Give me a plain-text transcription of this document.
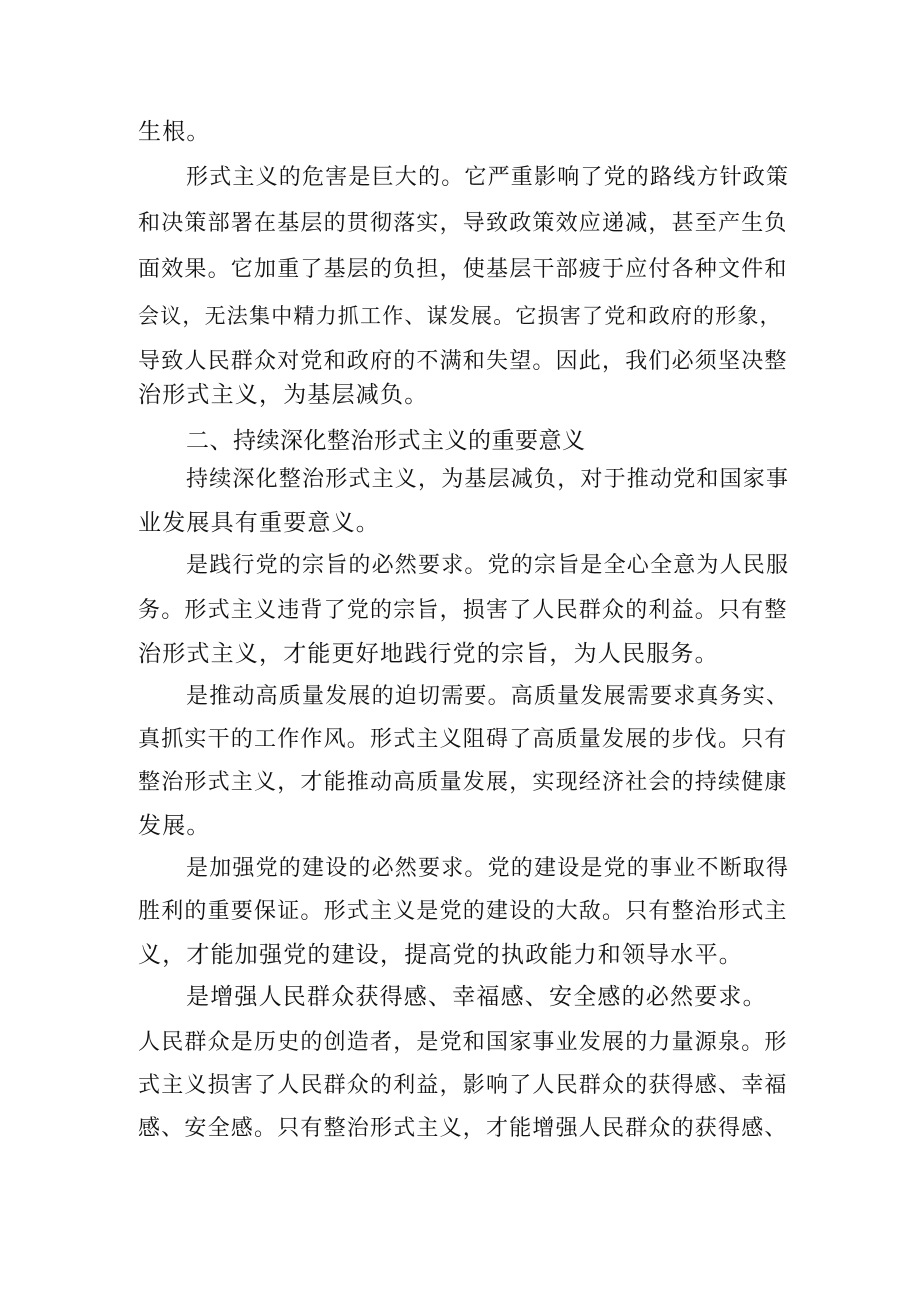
生根。
形式主义的危害是巨大的。它严重影响了党的路线方针政策
和决策部署在基层的贯彻落实，导致政策效应递减，甚至产生负
面效果。它加重了基层的负担，使基层干部疲于应付各种文件和
会议，无法集中精力抓工作、谋发展。它损害了党和政府的形象，
导致人民群众对党和政府的不满和失望。因此，我们必须坚决整
治形式主义，为基层减负。
二、持续深化整治形式主义的重要意义
持续深化整治形式主义，为基层减负，对于推动党和国家事
业发展具有重要意义。
是践行党的宗旨的必然要求。党的宗旨是全心全意为人民服
务。形式主义违背了党的宗旨，损害了人民群众的利益。只有整
治形式主义，才能更好地践行党的宗旨，为人民服务。
是推动高质量发展的迫切需要。高质量发展需要求真务实、
真抓实干的工作作风。形式主义阻碍了高质量发展的步伐。只有
整治形式主义，才能推动高质量发展，实现经济社会的持续健康
发展。
是加强党的建设的必然要求。党的建设是党的事业不断取得
胜利的重要保证。形式主义是党的建设的大敌。只有整治形式主
义，才能加强党的建设，提高党的执政能力和领导水平。
是增强人民群众获得感、幸福感、安全感的必然要求。
人民群众是历史的创造者，是党和国家事业发展的力量源泉。形
式主义损害了人民群众的利益，影响了人民群众的获得感、幸福
感、安全感。只有整治形式主义，才能增强人民群众的获得感、
